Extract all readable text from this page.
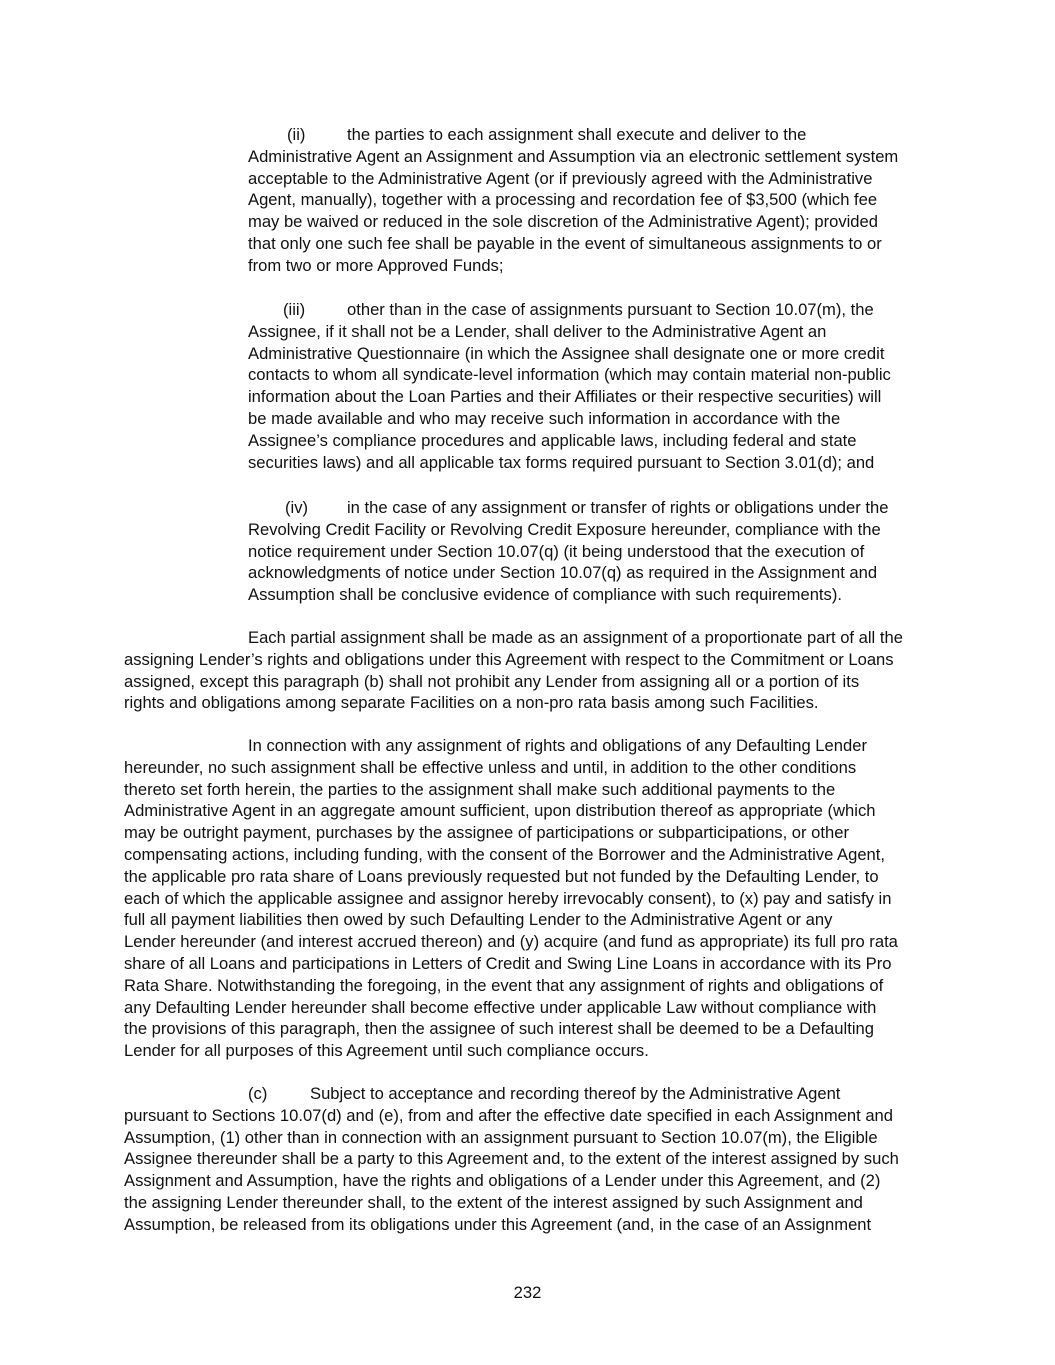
(ii)	the parties to each assignment shall execute and deliver to the
Administrative Agent an Assignment and Assumption via an electronic settlement system
acceptable to the Administrative Agent (or if previously agreed with the Administrative
Agent, manually), together with a processing and recordation fee of $3,500 (which fee
may be waived or reduced in the sole discretion of the Administrative Agent); provided
that only one such fee shall be payable in the event of simultaneous assignments to or
from two or more Approved Funds;
(iii)	other than in the case of assignments pursuant to Section 10.07(m), the
Assignee, if it shall not be a Lender, shall deliver to the Administrative Agent an
Administrative Questionnaire (in which the Assignee shall designate one or more credit
contacts to whom all syndicate-level information (which may contain material non-public
information about the Loan Parties and their Affiliates or their respective securities) will
be made available and who may receive such information in accordance with the
Assignee’s compliance procedures and applicable laws, including federal and state
securities laws) and all applicable tax forms required pursuant to Section 3.01(d); and
(iv) in the case of any assignment or transfer of rights or obligations under the
Revolving Credit Facility or Revolving Credit Exposure hereunder, compliance with the
notice requirement under Section 10.07(q) (it being understood that the execution of
acknowledgments of notice under Section 10.07(q) as required in the Assignment and
Assumption shall be conclusive evidence of compliance with such requirements).
Each partial assignment shall be made as an assignment of a proportionate part of all the
assigning Lender’s rights and obligations under this Agreement with respect to the Commitment or Loans
assigned, except this paragraph (b) shall not prohibit any Lender from assigning all or a portion of its
rights and obligations among separate Facilities on a non-pro rata basis among such Facilities.
In connection with any assignment of rights and obligations of any Defaulting Lender
hereunder, no such assignment shall be effective unless and until, in addition to the other conditions
thereto set forth herein, the parties to the assignment shall make such additional payments to the
Administrative Agent in an aggregate amount sufficient, upon distribution thereof as appropriate (which
may be outright payment, purchases by the assignee of participations or subparticipations, or other
compensating actions, including funding, with the consent of the Borrower and the Administrative Agent,
the applicable pro rata share of Loans previously requested but not funded by the Defaulting Lender, to
each of which the applicable assignee and assignor hereby irrevocably consent), to (x) pay and satisfy in
full all payment liabilities then owed by such Defaulting Lender to the Administrative Agent or any
Lender hereunder (and interest accrued thereon) and (y) acquire (and fund as appropriate) its full pro rata
share of all Loans and participations in Letters of Credit and Swing Line Loans in accordance with its Pro
Rata Share. Notwithstanding the foregoing, in the event that any assignment of rights and obligations of
any Defaulting Lender hereunder shall become effective under applicable Law without compliance with
the provisions of this paragraph, then the assignee of such interest shall be deemed to be a Defaulting
Lender for all purposes of this Agreement until such compliance occurs.
(c)	Subject to acceptance and recording thereof by the Administrative Agent
pursuant to Sections 10.07(d) and (e), from and after the effective date specified in each Assignment and
Assumption, (1) other than in connection with an assignment pursuant to Section 10.07(m), the Eligible
Assignee thereunder shall be a party to this Agreement and, to the extent of the interest assigned by such
Assignment and Assumption, have the rights and obligations of a Lender under this Agreement, and (2)
the assigning Lender thereunder shall, to the extent of the interest assigned by such Assignment and
Assumption, be released from its obligations under this Agreement (and, in the case of an Assignment
232
